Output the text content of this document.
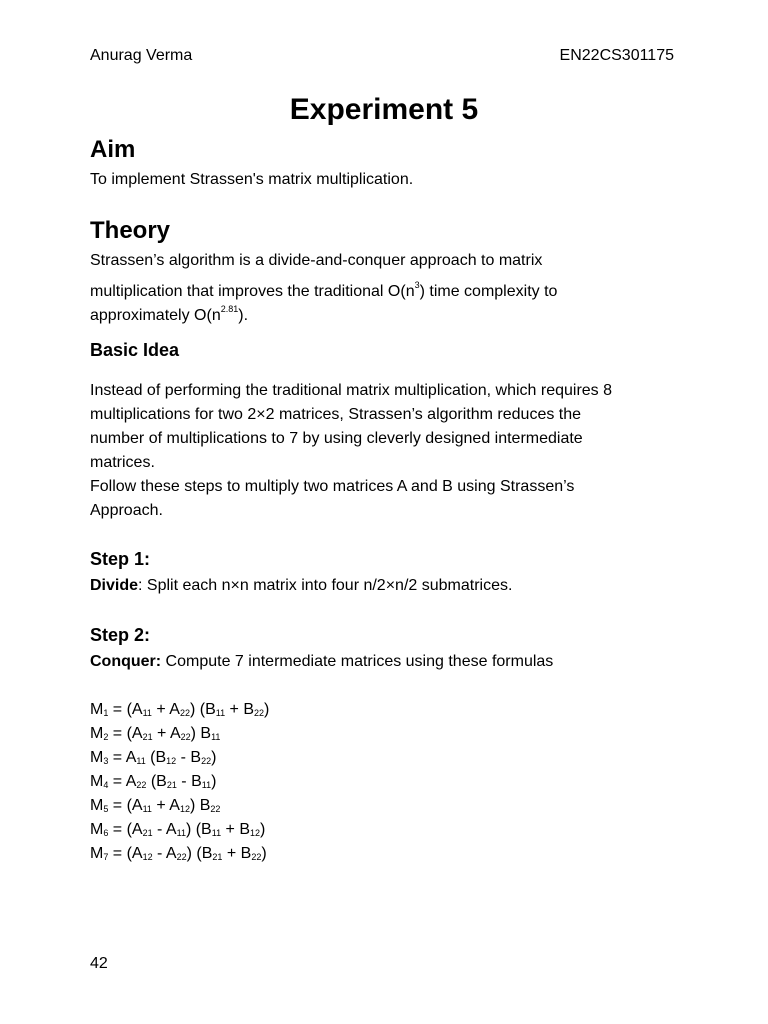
Anurag Verma	EN22CS301175

Experiment 5
Aim

To implement Strassen's matrix multiplication.

Theory
Strassen’s algorithm is a divide-and-conquer approach to matrix
multiplication that improves the traditional $O(n^3)$ time complexity to
approximately $O(n^{2.81})$.
Basic Idea
Instead of performing the traditional matrix multiplication, which requires 8
multiplications for two 2×2 matrices, Strassen’s algorithm reduces the
number of multiplications to 7 by using cleverly designed intermediate
matrices.
Follow these steps to multiply two matrices A and B using Strassen’s
Approach.
Step 1:

Divide: Split each n×n matrix into four n/2×n/2 submatrices.

Step 2:

Conquer: Compute 7 intermediate matrices using these formulas

$M_1 = (A_{11} + A_{22}) (B_{11} + B_{22})$
$M_2 = (A_{21} + A_{22})$ $B_{11}$
$M_3 = A_{11}$ $(B_{12} - B_{22})$
$M_4 = A_{22}$ $(B_{21} - B_{11})$
$M_5 = (A_{11} + A_{12})$ $B_{22}$
$M_6 = (A_{21} - A_{11}) (B_{11} + B_{12})$
$M_7 = (A_{12} - A_{22}) (B_{21} + B_{22})$

42
